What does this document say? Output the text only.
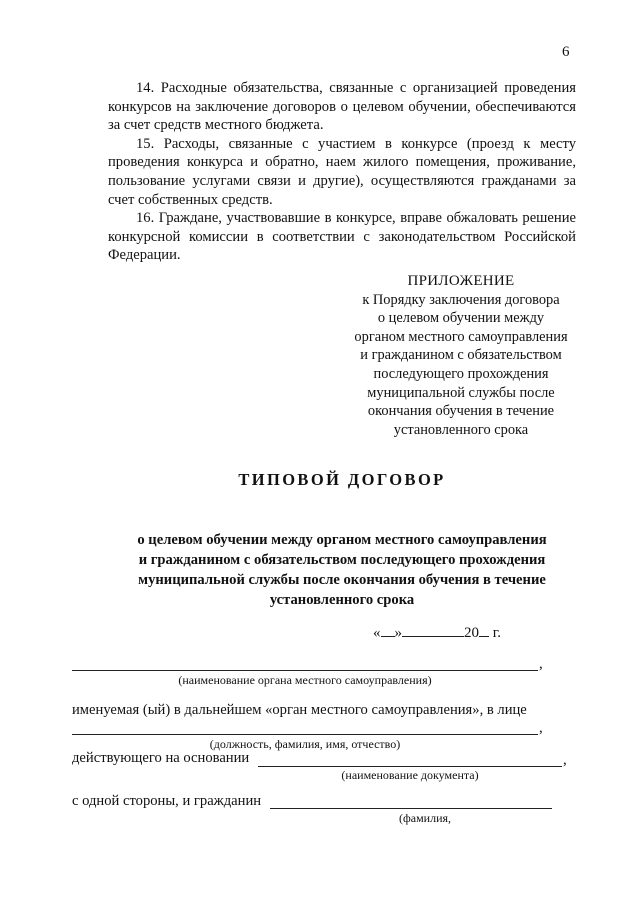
6

14. Расходные обязательства, связанные с организацией проведения конкурсов на заключение договоров о целевом обучении, обеспечиваются за счет средств местного бюджета.

15. Расходы, связанные с участием в конкурсе (проезд к месту проведения конкурса и обратно, наем жилого помещения, проживание, пользование услугами связи и другие), осуществляются гражданами за счет собственных средств.

16. Граждане, участвовавшие в конкурсе, вправе обжаловать решение конкурсной комиссии в соответствии с законодательством Российской Федерации.

ПРИЛОЖЕНИЕ
к Порядку заключения договора
о целевом обучении между
органом местного самоуправления
и гражданином с обязательством
последующего прохождения
муниципальной службы после
окончания обучения в течение
установленного срока
ТИПОВОЙ ДОГОВОР
о целевом обучении между органом местного самоуправления
и гражданином с обязательством последующего прохождения
муниципальной службы после окончания обучения в течение
установленного срока
« »	20 г.
,
(наименование органа местного самоуправления)
именуемая (ый) в дальнейшем «орган местного самоуправления», в лице
,
(должность, фамилия, имя, отчество)
действующего на основании	,
(наименование документа)
с одной стороны, и гражданин
(фамилия,
